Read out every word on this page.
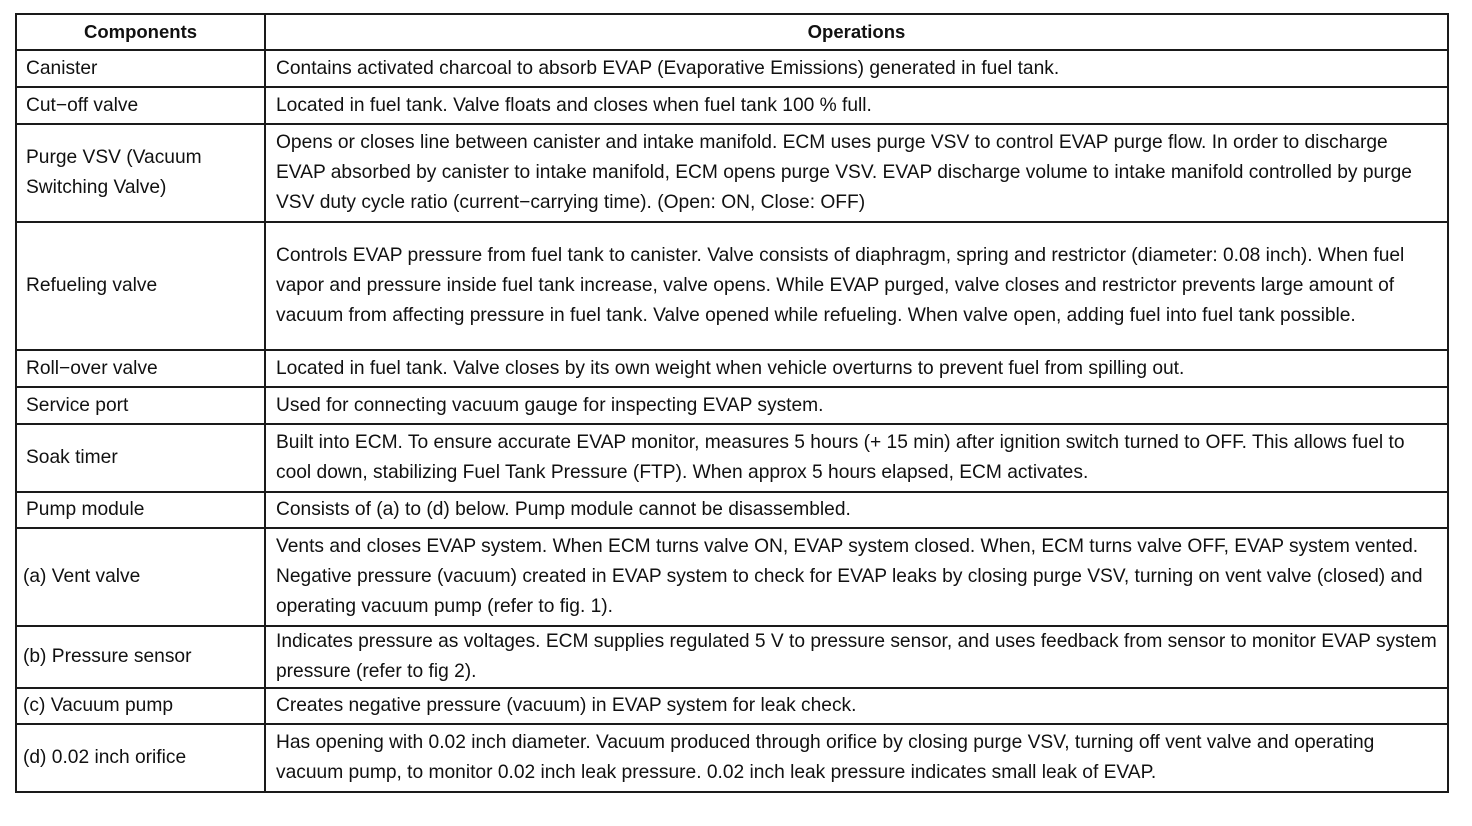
Components	Operations
Canister	Contains activated charcoal to absorb EVAP (Evaporative Emissions) generated in fuel tank.
Cut−off valve	Located in fuel tank. Valve floats and closes when fuel tank 100 % full.
Purge VSV (Vacuum Switching Valve)	Opens or closes line between canister and intake manifold. ECM uses purge VSV to control EVAP purge flow. In order to discharge EVAP absorbed by canister to intake manifold, ECM opens purge VSV. EVAP discharge volume to intake manifold controlled by purge VSV duty cycle ratio (current−carrying time). (Open: ON, Close: OFF)
Refueling valve	Controls EVAP pressure from fuel tank to canister. Valve consists of diaphragm, spring and restrictor (diameter: 0.08 inch). When fuel vapor and pressure inside fuel tank increase, valve opens. While EVAP purged, valve closes and restrictor prevents large amount of vacuum from affecting pressure in fuel tank. Valve opened while refueling. When valve open, adding fuel into fuel tank possible.
Roll−over valve	Located in fuel tank. Valve closes by its own weight when vehicle overturns to prevent fuel from spilling out.
Service port	Used for connecting vacuum gauge for inspecting EVAP system.
Soak timer	Built into ECM. To ensure accurate EVAP monitor, measures 5 hours (+ 15 min) after ignition switch turned to OFF. This allows fuel to cool down, stabilizing Fuel Tank Pressure (FTP). When approx 5 hours elapsed, ECM activates.
Pump module	Consists of (a) to (d) below. Pump module cannot be disassembled.
(a) Vent valve	Vents and closes EVAP system. When ECM turns valve ON, EVAP system closed. When, ECM turns valve OFF, EVAP system vented. Negative pressure (vacuum) created in EVAP system to check for EVAP leaks by closing purge VSV, turning on vent valve (closed) and operating vacuum pump (refer to fig. 1).
(b) Pressure sensor	Indicates pressure as voltages. ECM supplies regulated 5 V to pressure sensor, and uses feedback from sensor to monitor EVAP system pressure (refer to fig 2).
(c) Vacuum pump	Creates negative pressure (vacuum) in EVAP system for leak check.
(d) 0.02 inch orifice	Has opening with 0.02 inch diameter. Vacuum produced through orifice by closing purge VSV, turning off vent valve and operating vacuum pump, to monitor 0.02 inch leak pressure. 0.02 inch leak pressure indicates small leak of EVAP.
